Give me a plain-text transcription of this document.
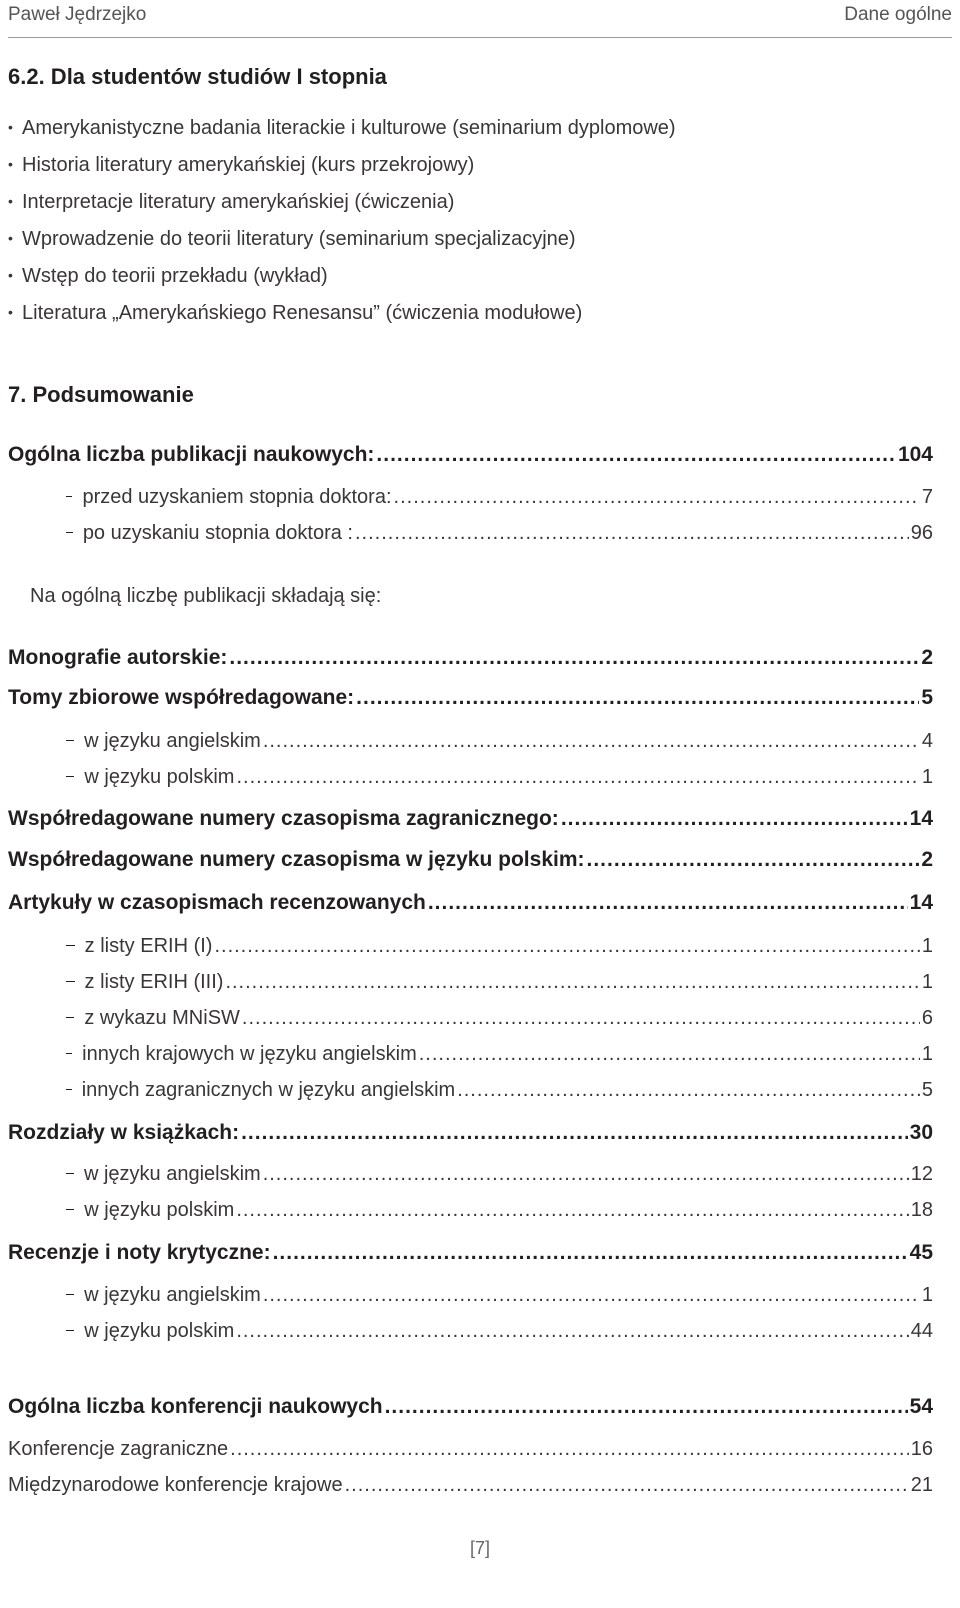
Paweł Jędrzejko	Dane ogólne
6.2. Dla studentów studiów I stopnia
• Amerykanistyczne badania literackie i kulturowe (seminarium dyplomowe)
• Historia literatury amerykańskiej (kurs przekrojowy)
• Interpretacje literatury amerykańskiej (ćwiczenia)
• Wprowadzenie do teorii literatury (seminarium specjalizacyjne)
• Wstęp do teorii przekładu (wykład)
• Literatura „Amerykańskiego Renesansu” (ćwiczenia modułowe)
7. Podsumowanie
Ogólna liczba publikacji naukowych: .....	104
przed uzyskaniem stopnia doktora: .....	7
po uzyskaniu stopnia doktora : .....	96
Na ogólną liczbę publikacji składają się:
Monografie autorskie: .....	2
Tomy zbiorowe współredagowane: .....	5
w języku angielskim .....	4
w języku polskim .....	1
Współredagowane numery czasopisma zagranicznego: .....	14
Współredagowane numery czasopisma w języku polskim: .....	2
Artykuły w czasopismach recenzowanych .....	14
z listy ERIH (I) .....	1
z listy ERIH (III) .....	1
z wykazu MNiSW .....	6
innych krajowych w języku angielskim .....	1
innych zagranicznych w języku angielskim .....	5
Rozdziały w książkach: .....	30
w języku angielskim .....	12
w języku polskim .....	18
Recenzje i noty krytyczne: .....	45
w języku angielskim .....	1
w języku polskim .....	44
Ogólna liczba konferencji naukowych .....	54
Konferencje zagraniczne .....	16
Międzynarodowe konferencje krajowe .....	21
[7]
